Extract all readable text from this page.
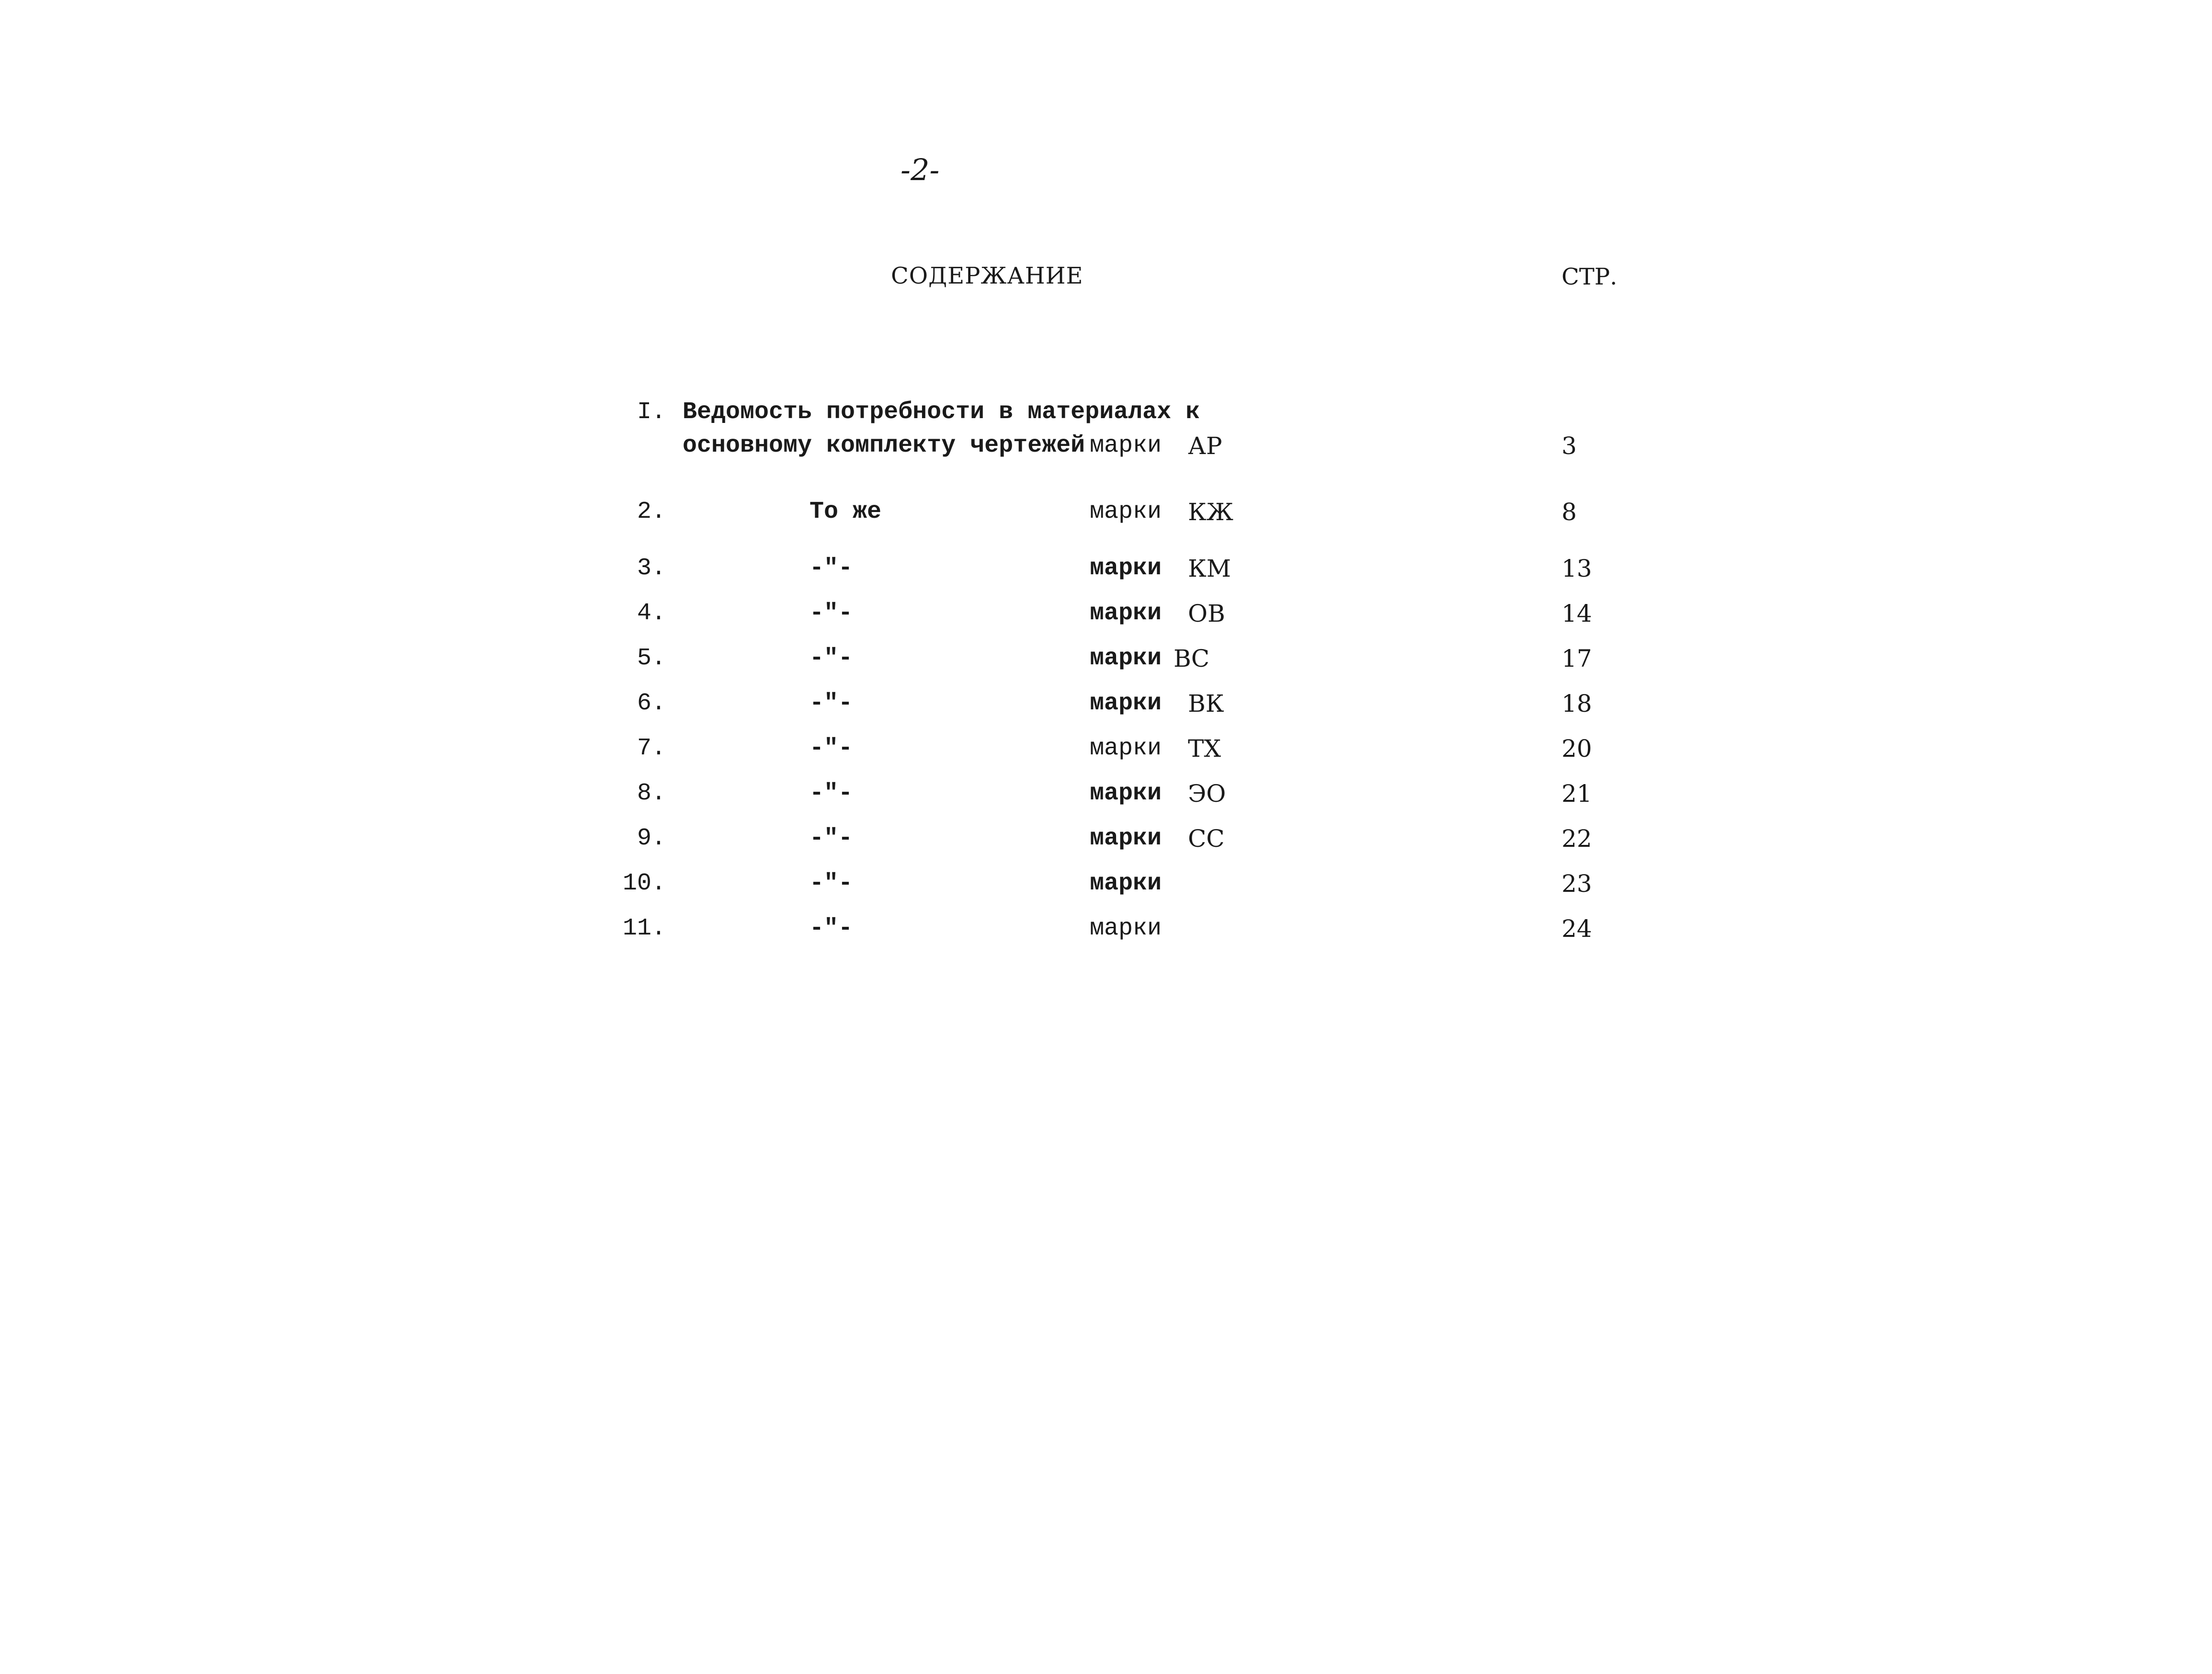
-2-
СОДЕРЖАНИЕ	СТР.
I. Ведомость потребности в материалах к
основному комплекту чертежей марки АР	3
2.	То же	марки КЖ	8
3.	-"-	марки КМ	13
4.	-"-	марки ОВ	14
5.	-"-	марки ВС	17
6.	-"-	марки ВК	18
7.	-"-	марки ТХ	20
8.	-"-	марки ЭО	21
9.	-"-	марки СС	22
10.	-"-	марки	23
11.	-"-	марки	24
